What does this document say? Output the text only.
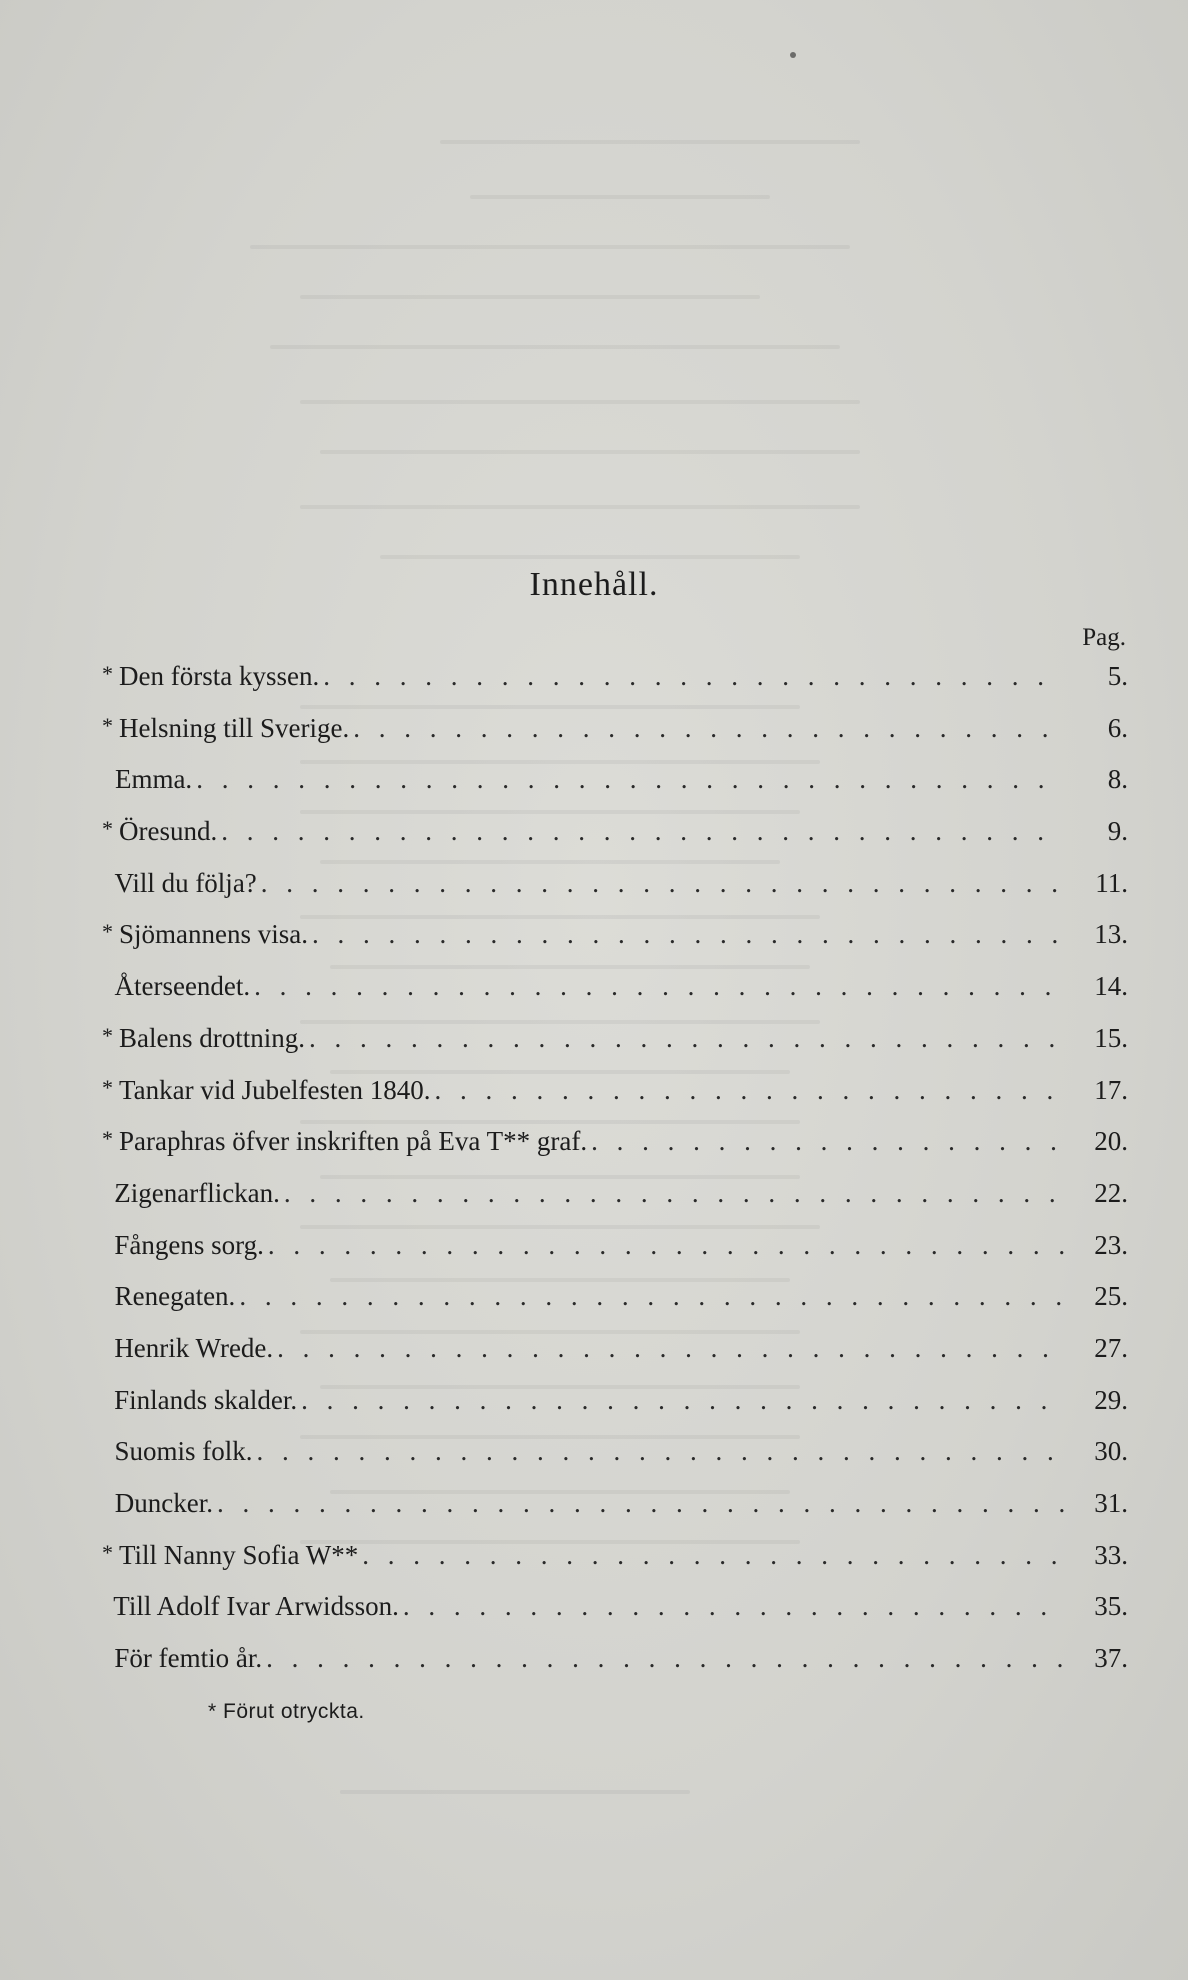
Innehåll.
Pag.
* Den första kyssen. . . .	5.
* Helsning till Sverige. . . .	6.
Emma. . . .	8.
* Öresund. . . .	9.
Vill du följa? . . .	11.
* Sjömannens visa. . . .	13.
Återseendet. . . .	14.
* Balens drottning. . . .	15.
* Tankar vid Jubelfesten 1840. . . .	17.
* Paraphras öfver inskriften på Eva T** graf. . . .	20.
Zigenarflickan. . . .	22.
Fångens sorg. . . .	23.
Renegaten. . . .	25.
Henrik Wrede. . . .	27.
Finlands skalder. . . .	29.
Suomis folk. . . .	30.
Duncker. . . .	31.
* Till Nanny Sofia W** . . .	33.
Till Adolf Ivar Arwidsson. . . .	35.
För femtio år. . . .	37.
* Förut otryckta.
